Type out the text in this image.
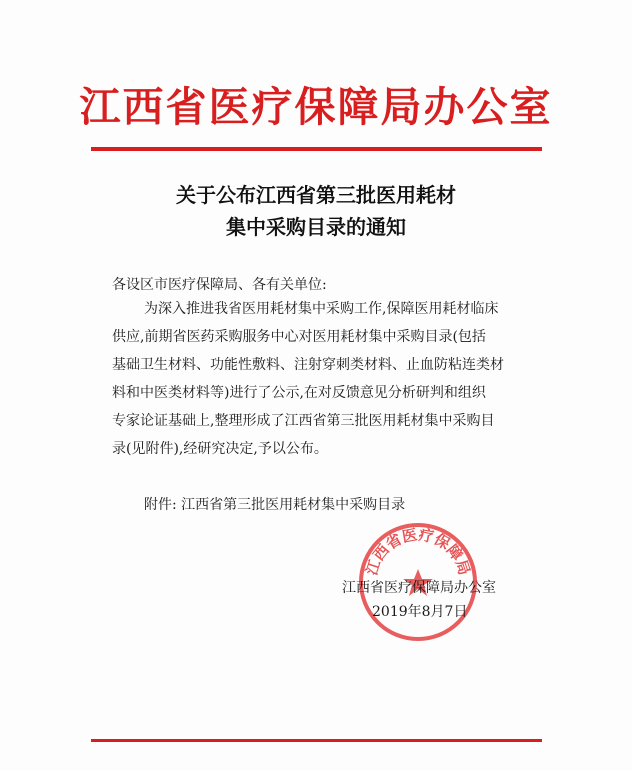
江西省医疗保障局办公室
关于公布江西省第三批医用耗材
集中采购目录的通知
各设区市医疗保障局、各有关单位:
为深入推进我省医用耗材集中采购工作,保障医用耗材临床
供应,前期省医药采购服务中心对医用耗材集中采购目录(包括
基础卫生材料、功能性敷料、注射穿刺类材料、止血防粘连类材
料和中医类材料等)进行了公示,在对反馈意见分析研判和组织
专家论证基础上,整理形成了江西省第三批医用耗材集中采购目
录(见附件),经研究决定,予以公布。
附件: 江西省第三批医用耗材集中采购目录
江西省医疗保障局
江西省医疗保障局办公室
2019年8月7日
